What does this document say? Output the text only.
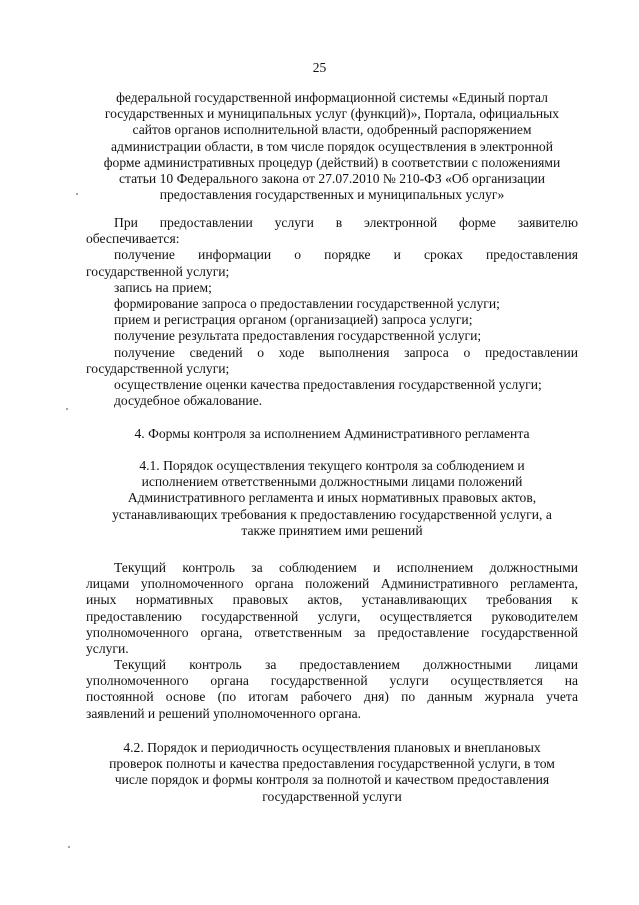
25
федеральной государственной информационной системы «Единый портал
государственных и муниципальных услуг (функций)», Портала, официальных
сайтов органов исполнительной власти, одобренный распоряжением
администрации области, в том числе порядок осуществления в электронной
форме административных процедур (действий) в соответствии с положениями
статьи 10 Федерального закона от 27.07.2010 № 210-ФЗ «Об организации
предоставления государственных и муниципальных услуг»
При предоставлении услуги в электронной форме заявителю
обеспечивается:
получение информации о порядке и сроках предоставления
государственной услуги;
запись на прием;
формирование запроса о предоставлении государственной услуги;
прием и регистрация органом (организацией) запроса услуги;
получение результата предоставления государственной услуги;
получение сведений о ходе выполнения запроса о предоставлении
государственной услуги;
осуществление оценки качества предоставления государственной услуги;
досудебное обжалование.
4. Формы контроля за исполнением Административного регламента
4.1. Порядок осуществления текущего контроля за соблюдением и
исполнением ответственными должностными лицами положений
Административного регламента и иных нормативных правовых актов,
устанавливающих требования к предоставлению государственной услуги, а
также принятием ими решений
Текущий контроль за соблюдением и исполнением должностными
лицами уполномоченного органа положений Административного регламента,
иных нормативных правовых актов, устанавливающих требования к
предоставлению государственной услуги, осуществляется руководителем
уполномоченного органа, ответственным за предоставление государственной
услуги.
Текущий контроль за предоставлением должностными лицами
уполномоченного органа государственной услуги осуществляется на
постоянной основе (по итогам рабочего дня) по данным журнала учета
заявлений и решений уполномоченного органа.
4.2. Порядок и периодичность осуществления плановых и внеплановых
проверок полноты и качества предоставления государственной услуги, в том
числе порядок и формы контроля за полнотой и качеством предоставления
государственной услуги
